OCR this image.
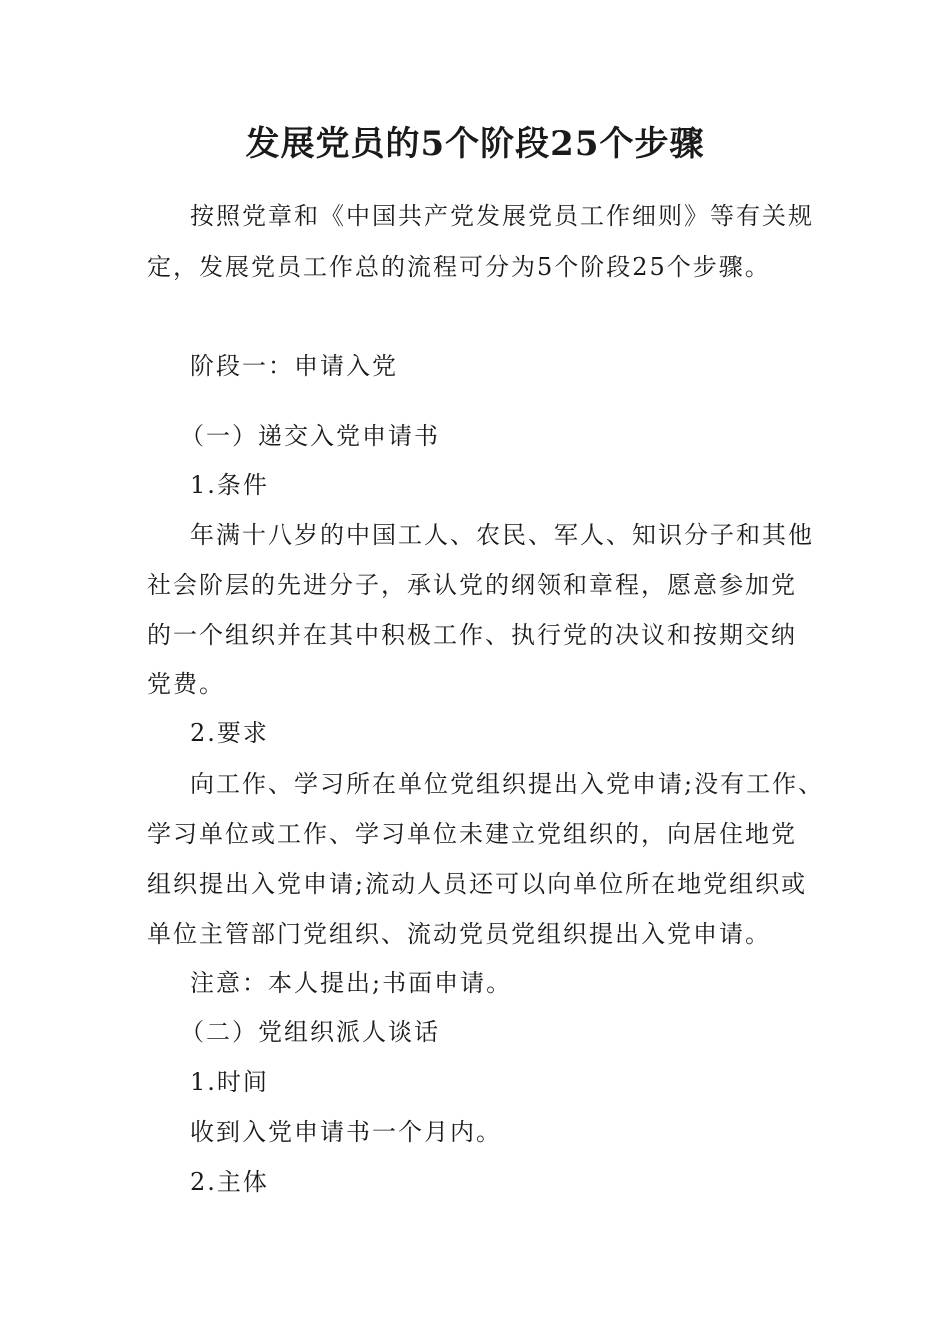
发展党员的5个阶段25个步骤
按照党章和《中国共产党发展党员工作细则》等有关规
定，发展党员工作总的流程可分为5个阶段25个步骤。
阶段一：申请入党
（一）递交入党申请书
1.条件
年满十八岁的中国工人、农民、军人、知识分子和其他
社会阶层的先进分子，承认党的纲领和章程，愿意参加党
的一个组织并在其中积极工作、执行党的决议和按期交纳
党费。
2.要求
向工作、学习所在单位党组织提出入党申请;没有工作、
学习单位或工作、学习单位未建立党组织的，向居住地党
组织提出入党申请;流动人员还可以向单位所在地党组织或
单位主管部门党组织、流动党员党组织提出入党申请。
注意：本人提出;书面申请。
（二）党组织派人谈话
1.时间
收到入党申请书一个月内。
2.主体
